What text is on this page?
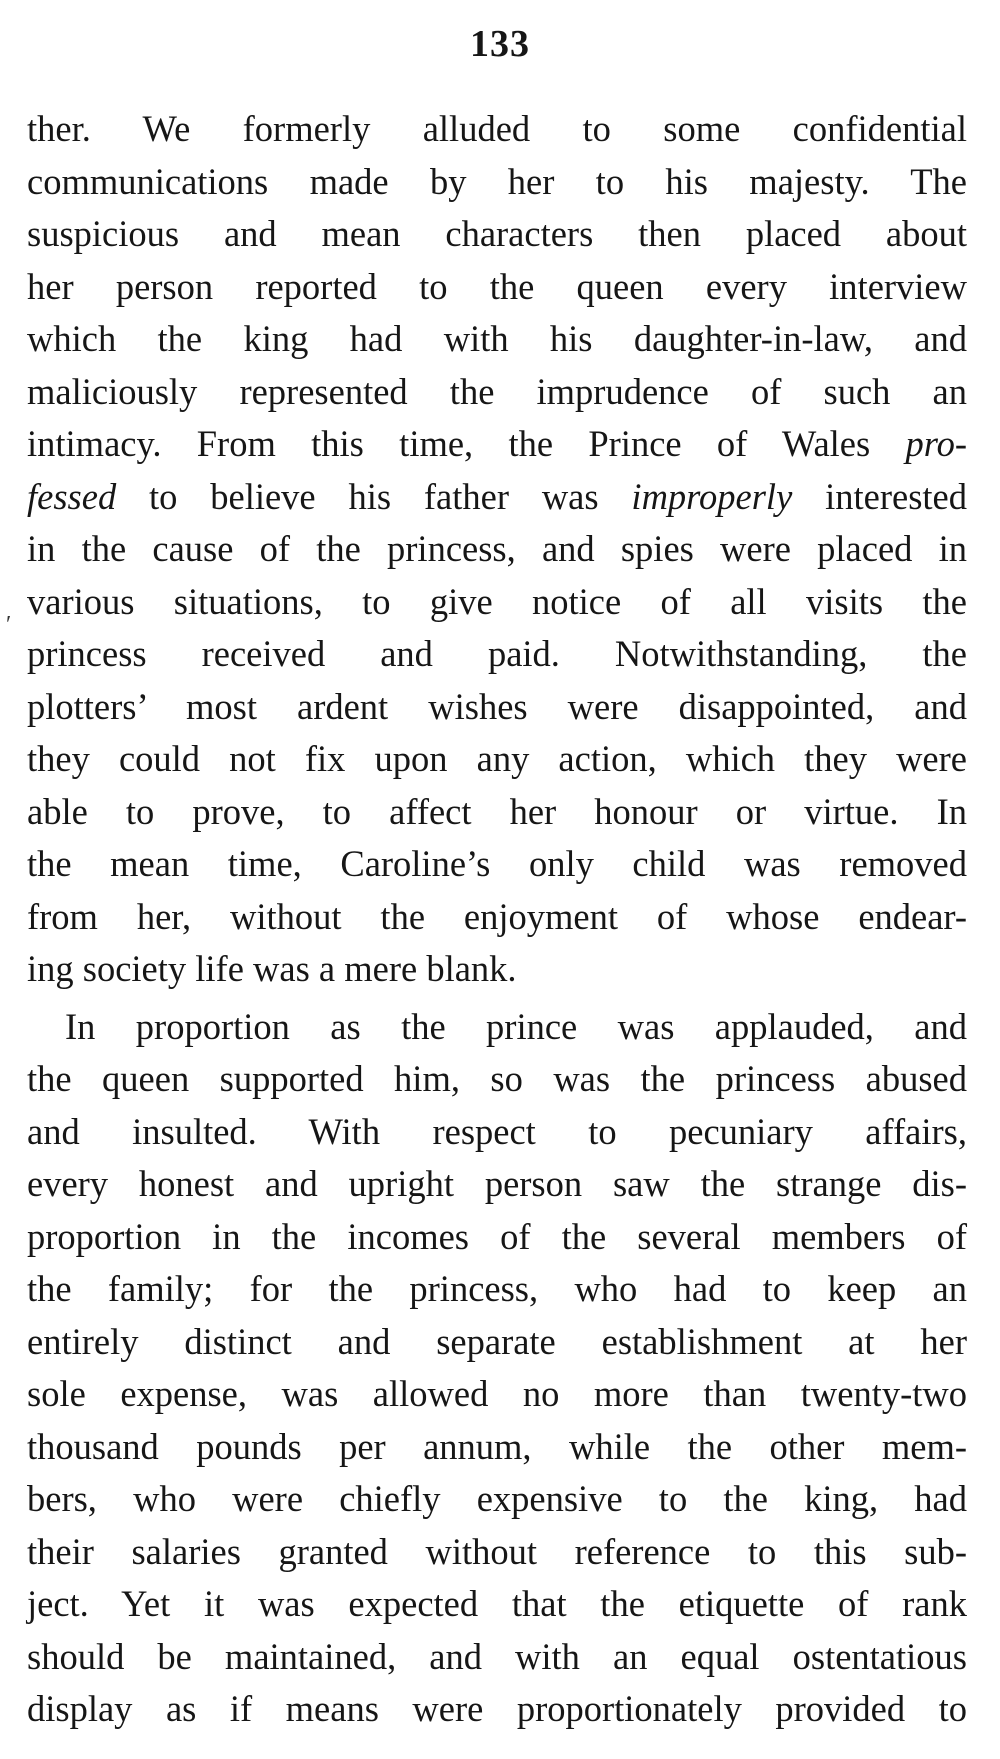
133
′
ther. We formerly alluded to some confidential
communications made by her to his majesty. The
suspicious and mean characters then placed about
her person reported to the queen every interview
which the king had with his daughter-in-law, and
maliciously represented the imprudence of such an
intimacy. From this time, the Prince of Wales pro-
fessed to believe his father was improperly interested
in the cause of the princess, and spies were placed in
various situations, to give notice of all visits the
princess received and paid. Notwithstanding, the
plotters’ most ardent wishes were disappointed, and
they could not fix upon any action, which they were
able to prove, to affect her honour or virtue. In
the mean time, Caroline’s only child was removed
from her, without the enjoyment of whose endear-
ing society life was a mere blank.
In proportion as the prince was applauded, and
the queen supported him, so was the princess abused
and insulted. With respect to pecuniary affairs,
every honest and upright person saw the strange dis-
proportion in the incomes of the several members of
the family; for the princess, who had to keep an
entirely distinct and separate establishment at her
sole expense, was allowed no more than twenty-two
thousand pounds per annum, while the other mem-
bers, who were chiefly expensive to the king, had
their salaries granted without reference to this sub-
ject. Yet it was expected that the etiquette of rank
should be maintained, and with an equal ostentatious
display as if means were proportionately provided to
